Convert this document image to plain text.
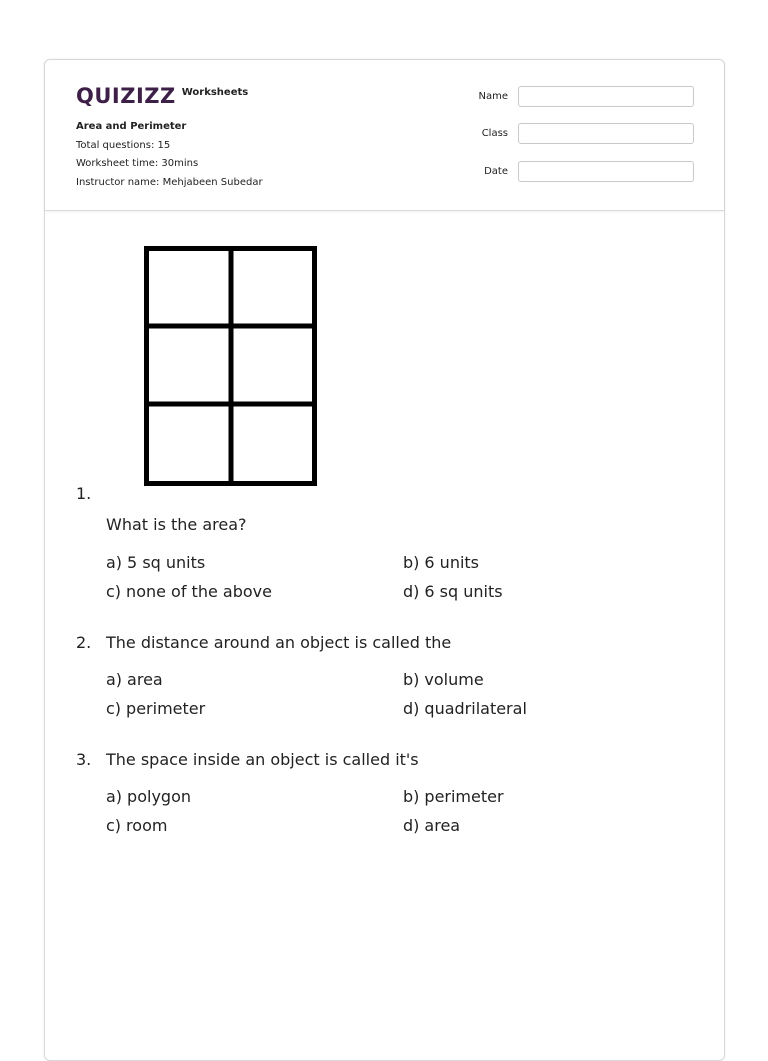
QUIZIZZ Worksheets
Area and Perimeter
Total questions: 15
Worksheet time: 30mins
Instructor name: Mehjabeen Subedar
Name
Class
Date
1.
What is the area?
a) 5 sq units	b) 6 units
c) none of the above	d) 6 sq units
2. The distance around an object is called the
a) area	b) volume
c) perimeter	d) quadrilateral
3. The space inside an object is called it's
a) polygon	b) perimeter
c) room	d) area
